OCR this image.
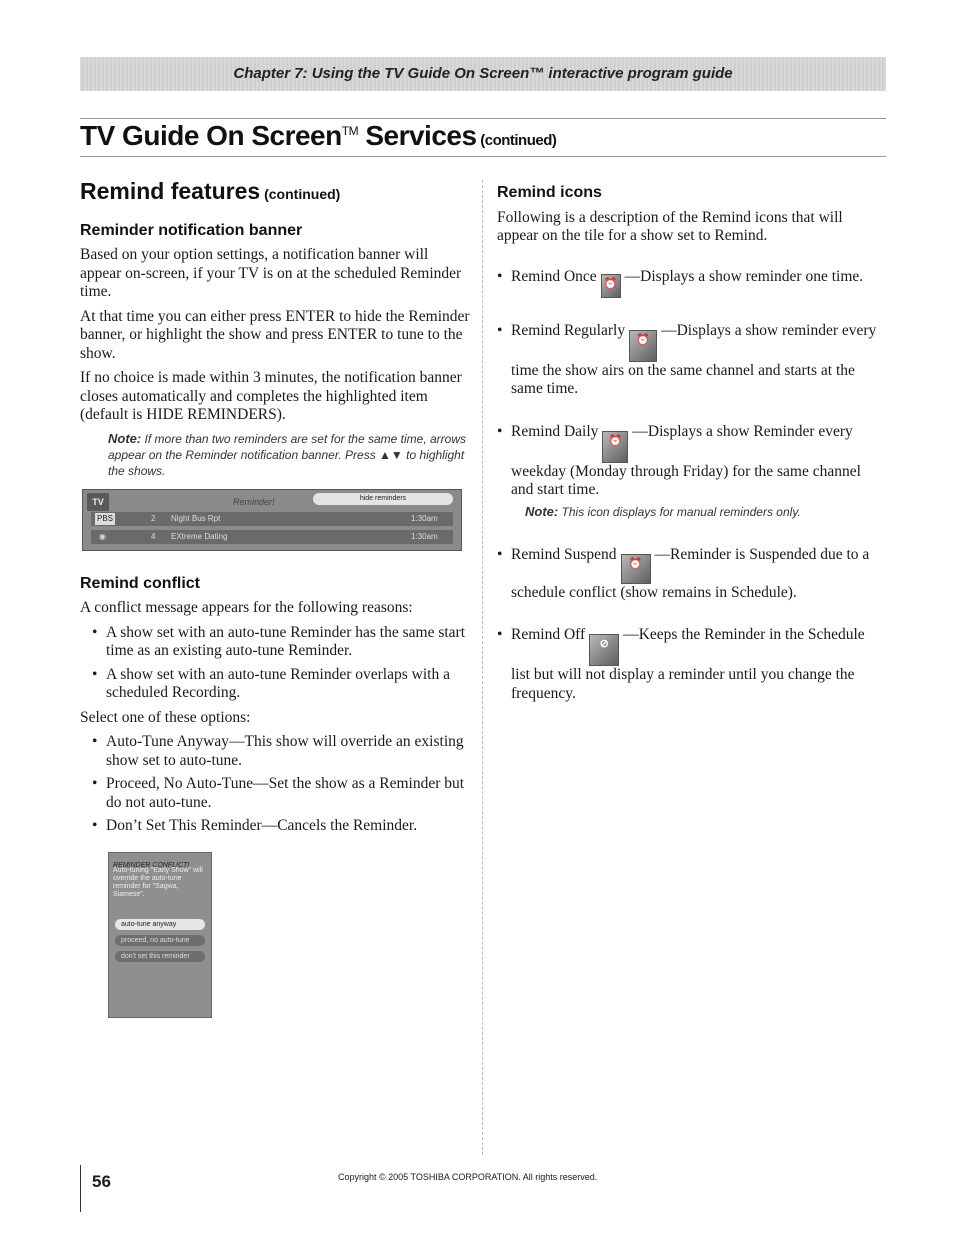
Chapter 7: Using the TV Guide On Screen™ interactive program guide
TV Guide On Screen™ Services (continued)
Remind features (continued)
Reminder notification banner

Based on your option settings, a notification banner will appear on-screen, if your TV is on at the scheduled Reminder time.

At that time you can either press ENTER to hide the Reminder banner, or highlight the show and press ENTER to tune to the show.

If no choice is made within 3 minutes, the notification banner closes automatically and completes the highlighted item (default is HIDE REMINDERS).

Note: If more than two reminders are set for the same time, arrows appear on the Reminder notification banner. Press ▲▼ to highlight the shows.

TV	Reminder!	hide reminders
PBS	2 Night Bus Rpt	1:30am
◉	4 EXtreme Dating	1:30am
Remind conflict

A conflict message appears for the following reasons:

• A show set with an auto-tune Reminder has the same start time as an existing auto-tune Reminder.
• A show set with an auto-tune Reminder overlaps with a scheduled Recording.

Select one of these options:

• Auto-Tune Anyway—This show will override an existing show set to auto-tune.
• Proceed, No Auto-Tune—Set the show as a Reminder but do not auto-tune.
• Don’t Set This Reminder—Cancels the Reminder.
REMINDER CONFLICT!
Auto-tuning "Early Show" will override the auto-tune reminder for "Sagwa, Siamese".
auto-tune anyway
proceed, no auto-tune
don't set this reminder
Remind icons

Following is a description of the Remind icons that will appear on the tile for a show set to Remind.

• Remind Once ⏰ —Displays a show reminder one time.
• Remind Regularly⏰—Displays a show reminder every time the show airs on the same channel and starts at the same time.
• Remind Daily⏰—Displays a show Reminder every weekday (Monday through Friday) for the same channel and start time.

Note: This icon displays for manual reminders only.

• Remind Suspend⏰—Reminder is Suspended due to a schedule conflict (show remains in Schedule).
• Remind Off⊘—Keeps the Reminder in the Schedule list but will not display a reminder until you change the frequency.
56	Copyright © 2005 TOSHIBA CORPORATION. All rights reserved.
